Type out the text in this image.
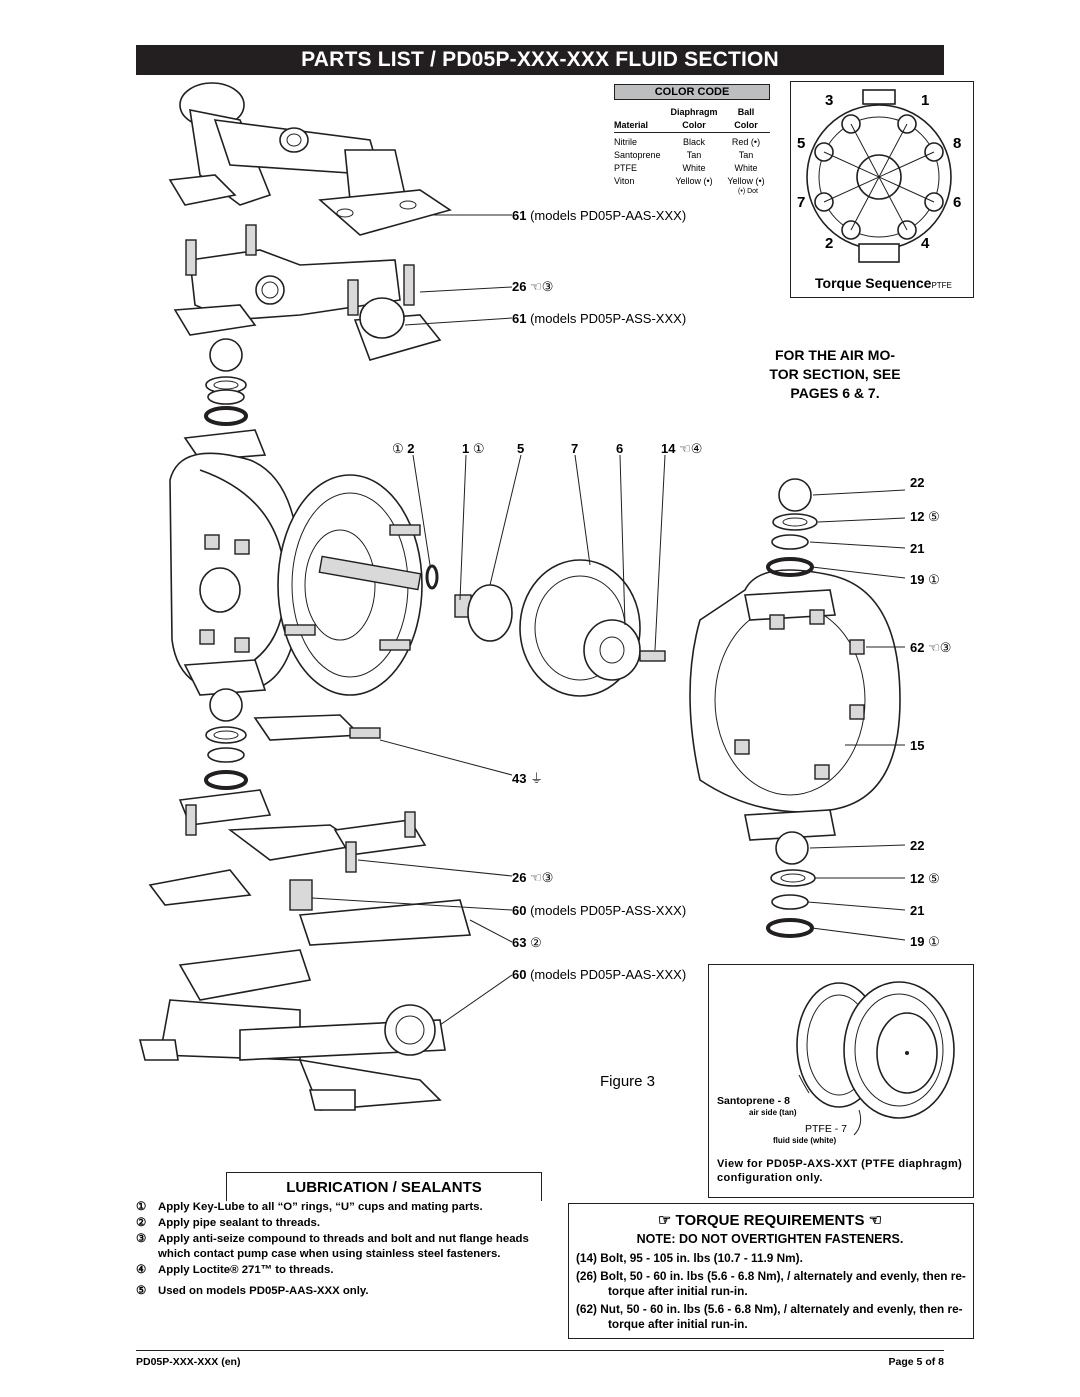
PARTS LIST / PD05P-XXX-XXX FLUID SECTION
COLOR CODE
Diaphragm	Ball
Material	Color	Color
Nitrile	Black	Red (•)
Santoprene	Tan	Tan
PTFE	White	White
Viton	Yellow (•)	Yellow (•)
(•) Dot
3	1
5	8
7	6
2	4
Torque SequencePTFE
FOR THE AIR MO-
TOR SECTION, SEE
PAGES 6 & 7.
61 (models PD05P-AAS-XXX)
26 ☜③
61 (models PD05P-ASS-XXX)
① 2	1 ① 5	7	6	14 ☜④
22
12 ⑤
21
19 ①
62 ☜③
15
43 ⏚
22
12 ⑤
21
19 ①
26 ☜③
60 (models PD05P-ASS-XXX)
63 ②
60 (models PD05P-AAS-XXX)
Figure 3
Santoprene - 8
air side (tan)
PTFE - 7
fluid side (white)
View for PD05P-AXS-XXT (PTFE diaphragm) configuration only.
LUBRICATION / SEALANTS
① Apply Key-Lube to all “O” rings, “U” cups and mating parts.
② Apply pipe sealant to threads.
③ Apply anti-seize compound to threads and bolt and nut flange heads which contact pump case when using stainless steel fasteners.
④ Apply Loctite® 271™ to threads.
⑤ Used on models PD05P-AAS-XXX only.
☞ TORQUE REQUIREMENTS ☜
NOTE: DO NOT OVERTIGHTEN FASTENERS.
(14) Bolt, 95 - 105 in. lbs (10.7 - 11.9 Nm).
(26) Bolt, 50 - 60 in. lbs (5.6 - 6.8 Nm), / alternately and evenly, then re-torque after initial run-in.
(62) Nut, 50 - 60 in. lbs (5.6 - 6.8 Nm), / alternately and evenly, then re-torque after initial run-in.
PD05P-XXX-XXX (en)	Page 5 of 8
